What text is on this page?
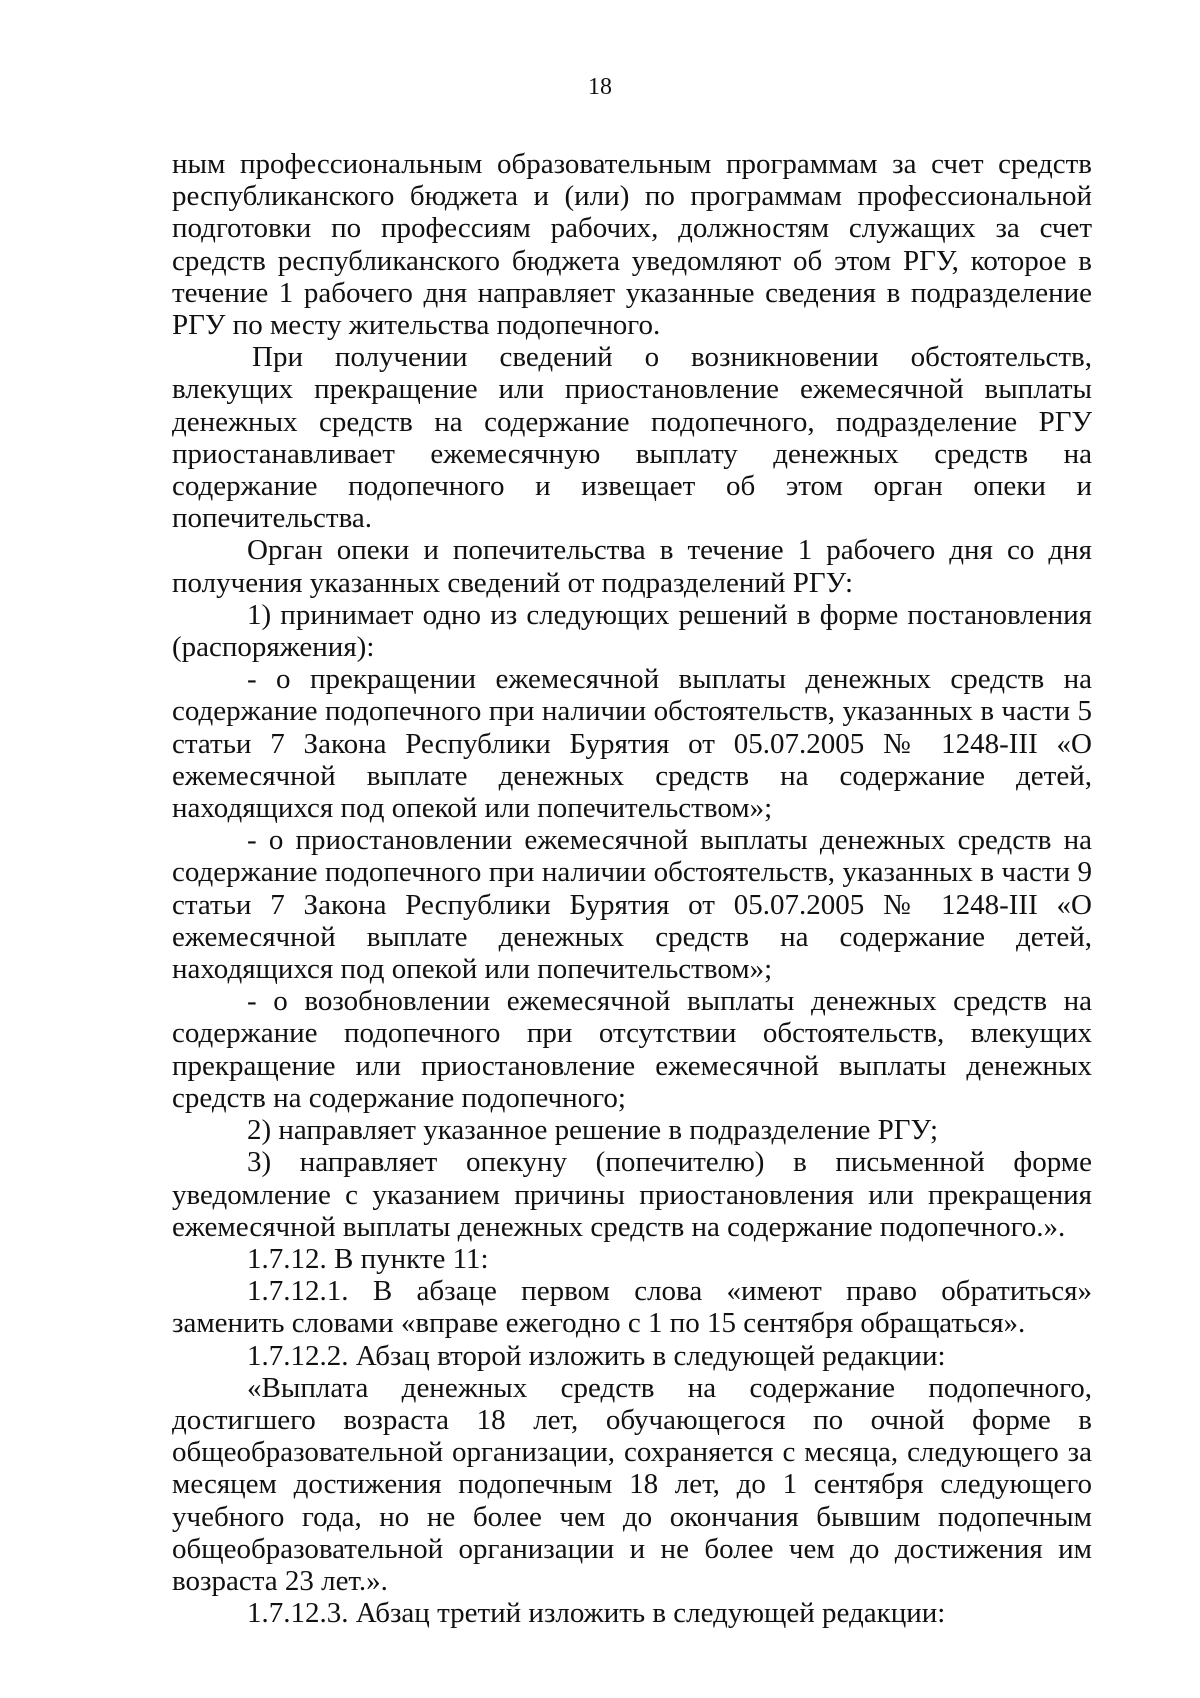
18

ным профессиональным образовательным программам за счет средств республиканского бюджета и (или) по программам профессиональной подготовки по профессиям рабочих, должностям служащих за счет средств республиканского бюджета уведомляют об этом РГУ, которое в течение 1 рабочего дня направляет указанные сведения в подразделение РГУ по месту жительства подопечного.

При получении сведений о возникновении обстоятельств, влекущих прекращение или приостановление ежемесячной выплаты денежных средств на содержание подопечного, подразделение РГУ приостанавливает ежемесячную выплату денежных средств на содержание подопечного и извещает об этом орган опеки и попечительства.

Орган опеки и попечительства в течение 1 рабочего дня со дня получения указанных сведений от подразделений РГУ:

1) принимает одно из следующих решений в форме постановления (распоряжения):

- о прекращении ежемесячной выплаты денежных средств на содержание подопечного при наличии обстоятельств, указанных в части 5 статьи 7 Закона Республики Бурятия от 05.07.2005 № 1248-III «О ежемесячной выплате денежных средств на содержание детей, находящихся под опекой или попечительством»;

- о приостановлении ежемесячной выплаты денежных средств на содержание подопечного при наличии обстоятельств, указанных в части 9 статьи 7 Закона Республики Бурятия от 05.07.2005 № 1248-III «О ежемесячной выплате денежных средств на содержание детей, находящихся под опекой или попечительством»;

- о возобновлении ежемесячной выплаты денежных средств на содержание подопечного при отсутствии обстоятельств, влекущих прекращение или приостановление ежемесячной выплаты денежных средств на содержание подопечного;

2) направляет указанное решение в подразделение РГУ;

3) направляет опекуну (попечителю) в письменной форме уведомление с указанием причины приостановления или прекращения ежемесячной выплаты денежных средств на содержание подопечного.».

1.7.12. В пункте 11:

1.7.12.1. В абзаце первом слова «имеют право обратиться» заменить словами «вправе ежегодно с 1 по 15 сентября обращаться».

1.7.12.2. Абзац второй изложить в следующей редакции:

«Выплата денежных средств на содержание подопечного, достигшего возраста 18 лет, обучающегося по очной форме в общеобразовательной организации, сохраняется с месяца, следующего за месяцем достижения подопечным 18 лет, до 1 сентября следующего учебного года, но не более чем до окончания бывшим подопечным общеобразовательной организации и не более чем до достижения им возраста 23 лет.».

1.7.12.3. Абзац третий изложить в следующей редакции:
